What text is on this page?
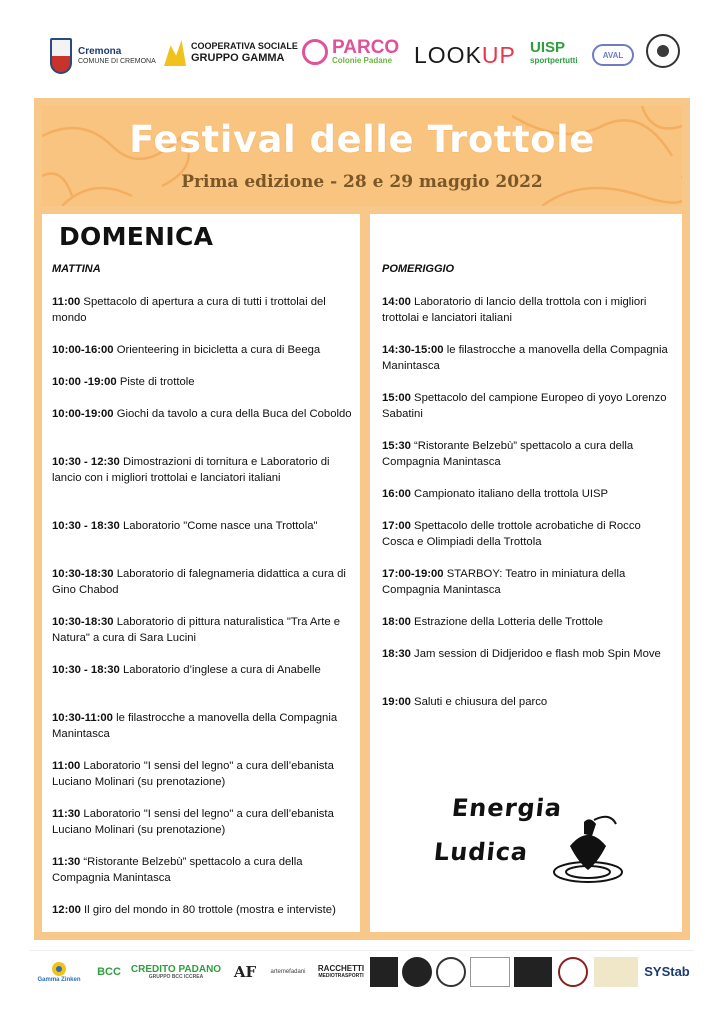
Cremona
COMUNE DI CREMONA
COOPERATIVA SOCIALE
GRUPPO GAMMA	PARCO
Colonie Padane LOOKUP UISP
sportpertutti
AVAL
Festival delle Trottole
Prima edizione - 28 e 29 maggio 2022
DOMENICA
MATTINA
11:00 Spettacolo di apertura a cura di tutti i trottolai del mondo
10:00-16:00 Orienteering in bicicletta a cura di Beega
10:00 -19:00 Piste di trottole
10:00-19:00 Giochi da tavolo a cura della Buca del Coboldo
10:30 - 12:30 Dimostrazioni di tornitura e Laboratorio di lancio con i migliori trottolai e lanciatori italiani
10:30 - 18:30 Laboratorio "Come nasce una Trottola"
10:30-18:30 Laboratorio di falegnameria didattica a cura di Gino Chabod
10:30-18:30 Laboratorio di pittura naturalistica "Tra Arte e Natura" a cura di Sara Lucini
10:30 - 18:30 Laboratorio d’inglese a cura di Anabelle
10:30-11:00 le filastrocche a manovella della Compagnia Manintasca
11:00 Laboratorio "I sensi del legno" a cura dell’ebanista Luciano Molinari (su prenotazione)
11:30 Laboratorio "I sensi del legno" a cura dell’ebanista Luciano Molinari (su prenotazione)
11:30 “Ristorante Belzebù” spettacolo a cura della Compagnia Manintasca
12:00 Il giro del mondo in 80 trottole (mostra e interviste)
POMERIGGIO
14:00 Laboratorio di lancio della trottola con i migliori trottolai e lanciatori italiani
14:30-15:00 le filastrocche a manovella della Compagnia Manintasca
15:00 Spettacolo del campione Europeo di yoyo Lorenzo Sabatini
15:30 “Ristorante Belzebù” spettacolo a cura della Compagnia Manintasca
16:00 Campionato italiano della trottola UISP
17:00 Spettacolo delle trottole acrobatiche di Rocco Cosca e Olimpiadi della Trottola
17:00-19:00 STARBOY: Teatro in miniatura della Compagnia Manintasca
18:00 Estrazione della Lotteria delle Trottole
18:30 Jam session di Didjeridoo e flash mob Spin Move
19:00 Saluti e chiusura del parco
Energia
Ludica
Gamma Zinken
BCC CREDITO PADANO
GRUPPO BCC ICCREA AF	artemefadani	RACCHETTI
MEDIOTRASPORTI	SYStab
